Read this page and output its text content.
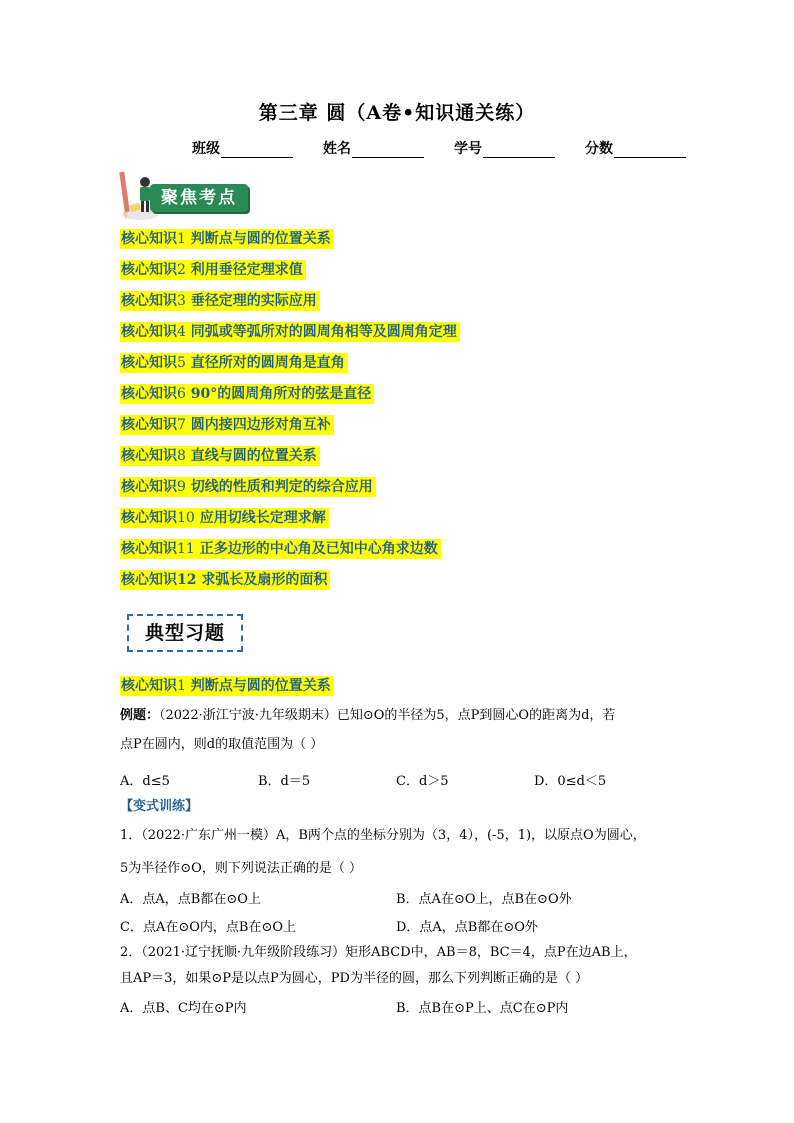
第三章 圆（A卷•知识通关练）
班级	姓名	学号	分数
聚焦考点
核心知识1 判断点与圆的位置关系
核心知识2 利用垂径定理求值
核心知识3 垂径定理的实际应用
核心知识4 同弧或等弧所对的圆周角相等及圆周角定理
核心知识5 直径所对的圆周角是直角
核心知识6 90°的圆周角所对的弦是直径
核心知识7 圆内接四边形对角互补
核心知识8 直线与圆的位置关系
核心知识9 切线的性质和判定的综合应用
核心知识10 应用切线长定理求解
核心知识11 正多边形的中心角及已知中心角求边数
核心知识12 求弧长及扇形的面积
典型习题
核心知识1 判断点与圆的位置关系
例题：（2022·浙江宁波·九年级期末）已知⊙O的半径为5，点P到圆心O的距离为d，若
点P在圆内，则d的取值范围为（ ）
A．d≤5	B．d＝5	C．d＞5	D．0≤d＜5
【变式训练】
1．（2022·广东广州一模）A，B两个点的坐标分别为（3，4），(-5，1)，以原点O为圆心，
5为半径作⊙O，则下列说法正确的是（ ）
A．点A，点B都在⊙O上	B．点A在⊙O上，点B在⊙O外
C．点A在⊙O内，点B在⊙O上	D．点A，点B都在⊙O外
2．（2021·辽宁抚顺·九年级阶段练习）矩形ABCD中，AB＝8，BC＝4，点P在边AB上，
且AP＝3，如果⊙P是以点P为圆心，PD为半径的圆，那么下列判断正确的是（ ）
A．点B、C均在⊙P内	B．点B在⊙P上、点C在⊙P内
